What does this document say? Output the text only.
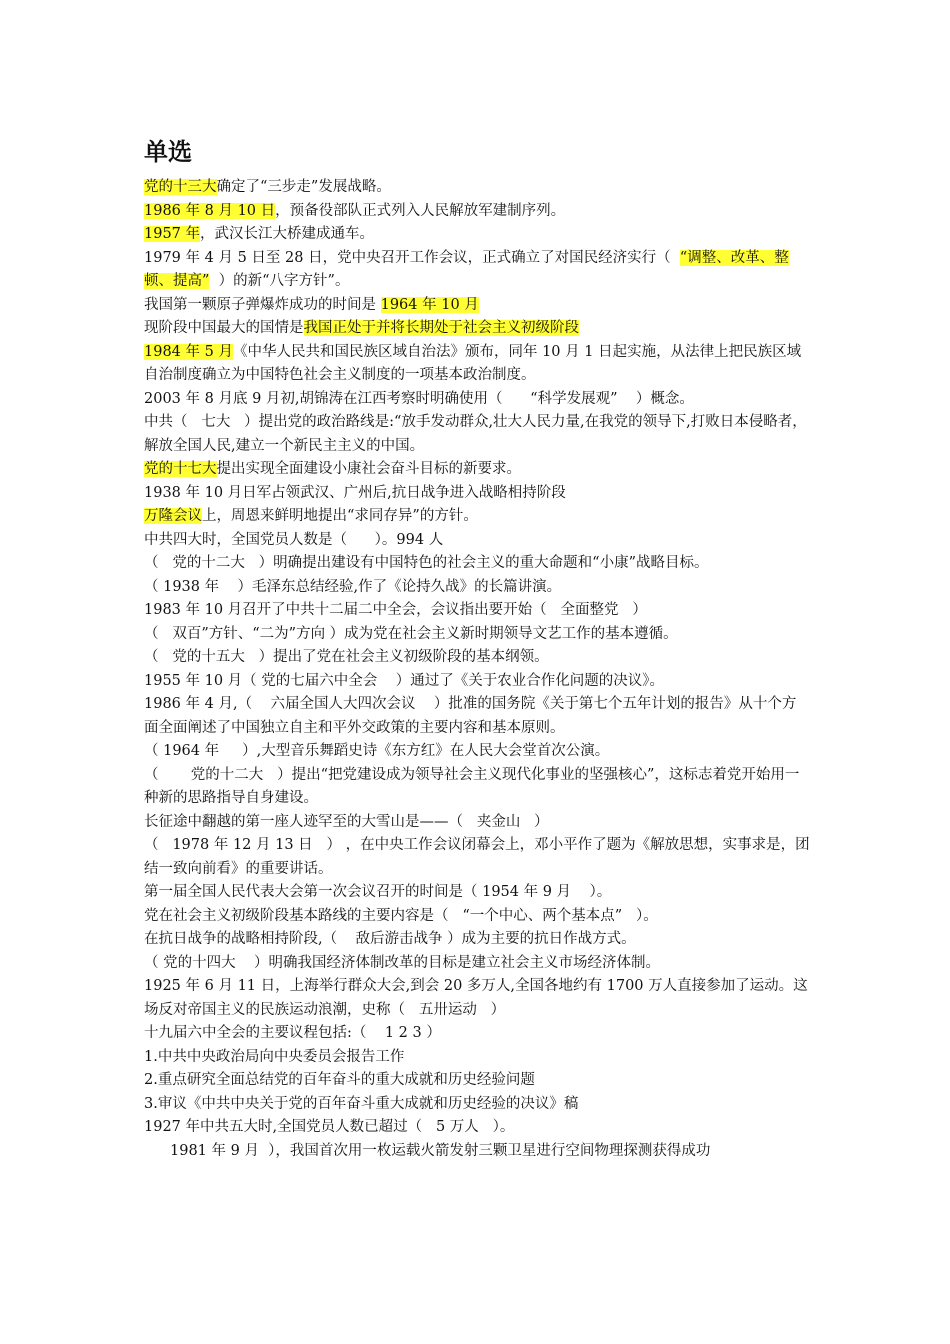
单选

党的十三大确定了“三步走”发展战略。

1986 年 8 月 10 日，预备役部队正式列入人民解放军建制序列。

1957 年，武汉长江大桥建成通车。

1979 年 4 月 5 日至 28 日，党中央召开工作会议，正式确立了对国民经济实行（  “调整、改革、整顿、提高”  ）的新“八字方针”。

我国第一颗原子弹爆炸成功的时间是 1964 年 10 月

现阶段中国最大的国情是我国正处于并将长期处于社会主义初级阶段

1984 年 5 月《中华人民共和国民族区域自治法》颁布，同年 10 月 1 日起实施，从法律上把民族区域自治制度确立为中国特色社会主义制度的一项基本政治制度。

2003 年 8 月底 9 月初,胡锦涛在江西考察时明确使用（      “科学发展观”    ）概念。

中共（   七大   ）提出党的政治路线是:“放手发动群众,壮大人民力量,在我党的领导下,打败日本侵略者，解放全国人民,建立一个新民主主义的中国。

党的十七大提出实现全面建设小康社会奋斗目标的新要求。

1938 年 10 月日军占领武汉、广州后,抗日战争进入战略相持阶段

万隆会议上，周恩来鲜明地提出“求同存异”的方针。

中共四大时，全国党员人数是（      ）。994 人

（   党的十二大   ）明确提出建设有中国特色的社会主义的重大命题和“小康”战略目标。

（ 1938 年    ）毛泽东总结经验,作了《论持久战》的长篇讲演。

1983 年 10 月召开了中共十二届二中全会，会议指出要开始（   全面整党   ）

（   双百”方针、“二为”方向 ）成为党在社会主义新时期领导文艺工作的基本遵循。

（   党的十五大   ）提出了党在社会主义初级阶段的基本纲领。

1955 年 10 月（ 党的七届六中全会    ）通过了《关于农业合作化问题的决议》。

1986 年 4 月,（    六届全国人大四次会议    ）批准的国务院《关于第七个五年计划的报告》从十个方面全面阐述了中国独立自主和平外交政策的主要内容和基本原则。

（ 1964 年     ）,大型音乐舞蹈史诗《东方红》在人民大会堂首次公演。

（       党的十二大   ）提出“把党建设成为领导社会主义现代化事业的坚强核心”，这标志着党开始用一种新的思路指导自身建设。

长征途中翻越的第一座人迹罕至的大雪山是——（   夹金山   ）

（   1978 年 12 月 13 日   ） ，在中央工作会议闭幕会上，邓小平作了题为《解放思想，实事求是，团结一致向前看》的重要讲话。

第一届全国人民代表大会第一次会议召开的时间是（ 1954 年 9 月    ）。

党在社会主义初级阶段基本路线的主要内容是（   “一个中心、两个基本点”   ）。

在抗日战争的战略相持阶段,（    敌后游击战争 ）成为主要的抗日作战方式。

（ 党的十四大    ）明确我国经济体制改革的目标是建立社会主义市场经济体制。

1925 年 6 月 11 日，上海举行群众大会,到会 20 多万人,全国各地约有 1700 万人直接参加了运动。这场反对帝国主义的民族运动浪潮，史称（   五卅运动   ）

十九届六中全会的主要议程包括:（    1 2 3 ）

1.中共中央政治局向中央委员会报告工作

2.重点研究全面总结党的百年奋斗的重大成就和历史经验问题

3.审议《中共中央关于党的百年奋斗重大成就和历史经验的决议》稿

1927 年中共五大时,全国党员人数已超过（   5 万人   ）。

1981 年 9 月  ），我国首次用一枚运载火箭发射三颗卫星进行空间物理探测获得成功
